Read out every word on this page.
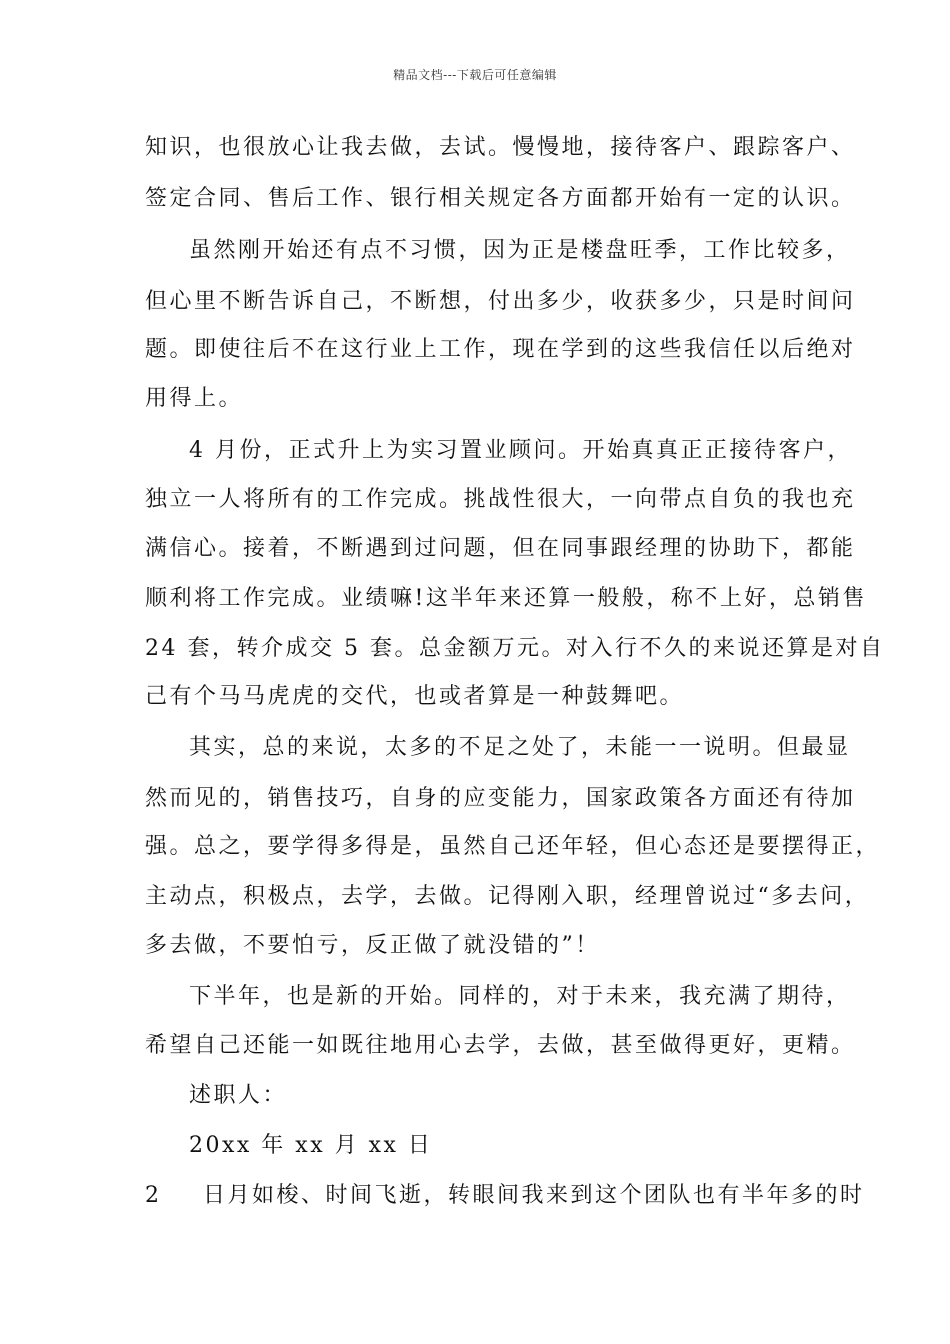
精品文档---下载后可任意编辑
知识，也很放心让我去做，去试。慢慢地，接待客户、跟踪客户、
签定合同、售后工作、银行相关规定各方面都开始有一定的认识。
虽然刚开始还有点不习惯，因为正是楼盘旺季，工作比较多，
但心里不断告诉自己，不断想，付出多少，收获多少，只是时间问
题。即使往后不在这行业上工作，现在学到的这些我信任以后绝对
用得上。
4 月份，正式升上为实习置业顾问。开始真真正正接待客户，
独立一人将所有的工作完成。挑战性很大，一向带点自负的我也充
满信心。接着，不断遇到过问题，但在同事跟经理的协助下，都能
顺利将工作完成。业绩嘛!这半年来还算一般般，称不上好，总销售
24 套，转介成交 5 套。总金额万元。对入行不久的来说还算是对自
己有个马马虎虎的交代，也或者算是一种鼓舞吧。
其实，总的来说，太多的不足之处了，未能一一说明。但最显
然而见的，销售技巧，自身的应变能力，国家政策各方面还有待加
强。总之，要学得多得是，虽然自己还年轻，但心态还是要摆得正，
主动点，积极点，去学，去做。记得刚入职，经理曾说过“多去问，
多去做，不要怕亏，反正做了就没错的”！
下半年，也是新的开始。同样的，对于未来，我充满了期待，
希望自己还能一如既往地用心去学，去做，甚至做得更好，更精。
述职人：
20xx 年 xx 月 xx 日
2 日月如梭、时间飞逝，转眼间我来到这个团队也有半年多的时
